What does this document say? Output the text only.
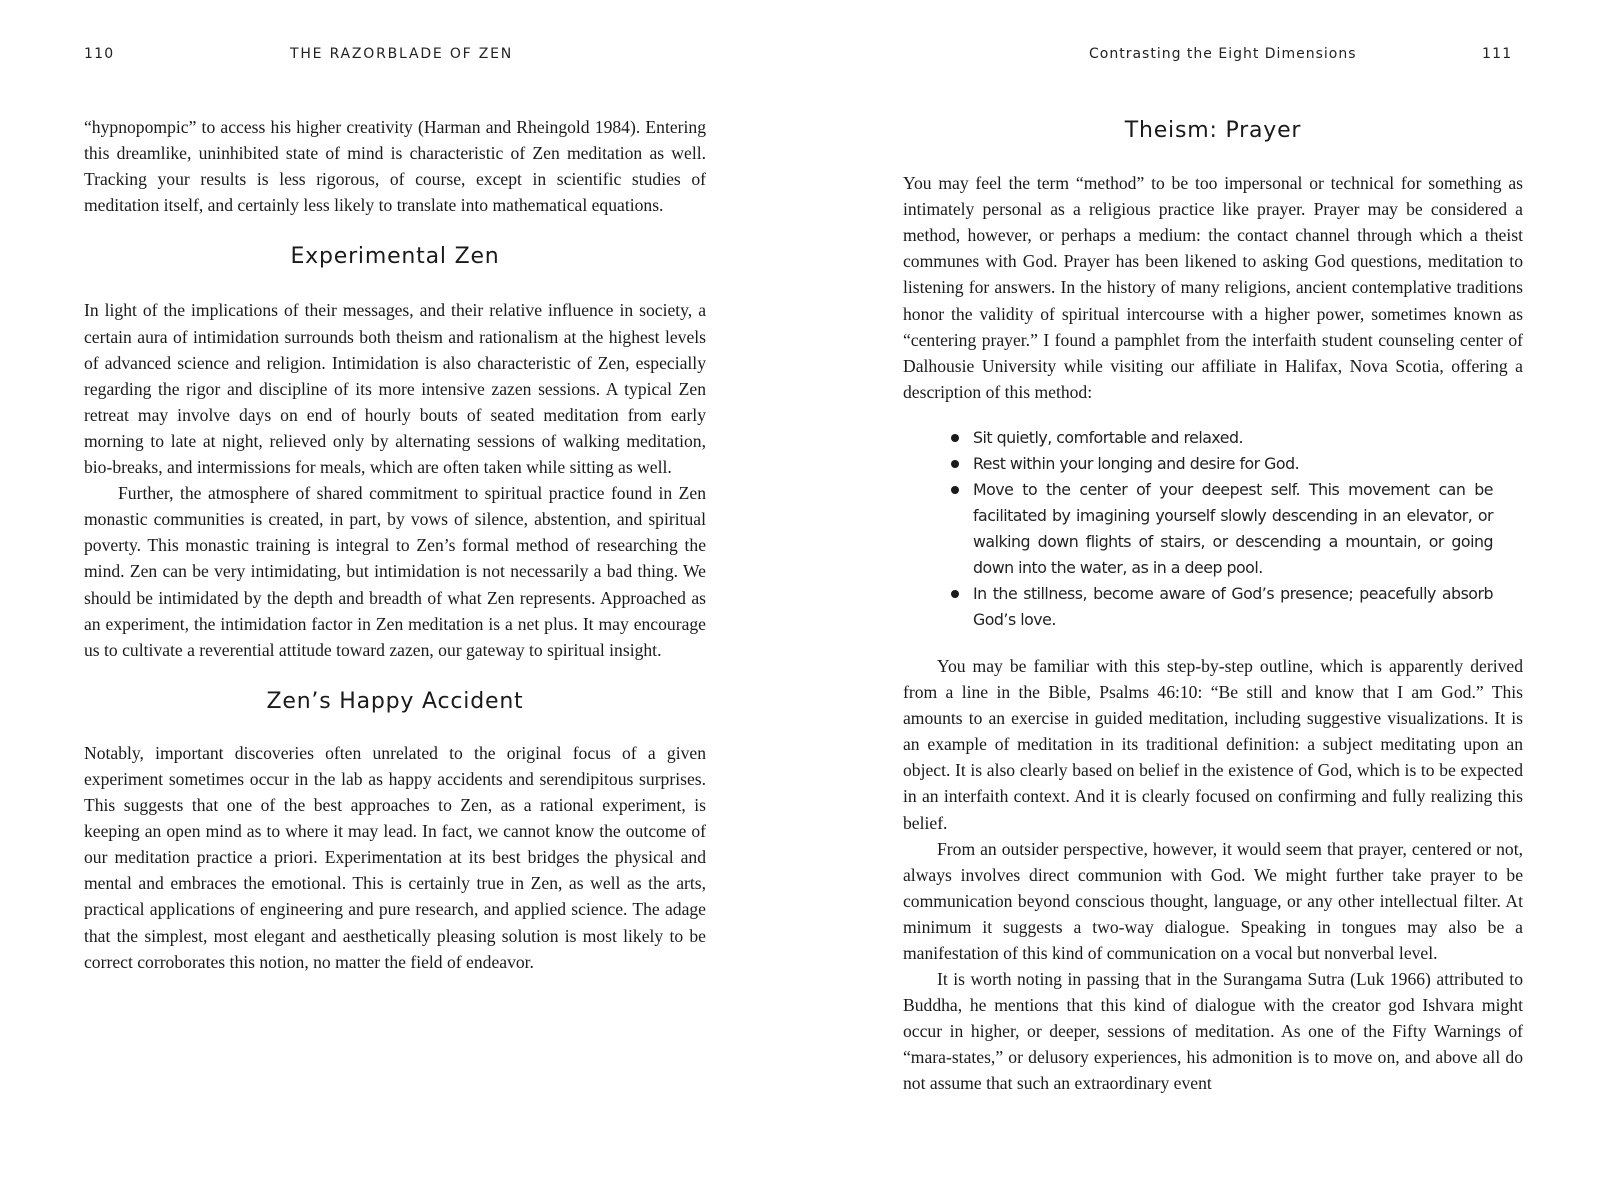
110	THE RAZORBLADE OF ZEN

“hypnopompic” to access his higher creativity (Harman and Rheingold 1984). Entering this dreamlike, uninhibited state of mind is characteristic of Zen meditation as well. Tracking your results is less rigorous, of course, except in scientific studies of meditation itself, and certainly less likely to translate into mathematical equations.

Experimental Zen

In light of the implications of their messages, and their relative influence in society, a certain aura of intimidation surrounds both theism and rationalism at the highest levels of advanced science and religion. Intimidation is also characteristic of Zen, especially regarding the rigor and discipline of its more intensive zazen sessions. A typical Zen retreat may involve days on end of hourly bouts of seated meditation from early morning to late at night, relieved only by alternating sessions of walking meditation, bio-breaks, and intermissions for meals, which are often taken while sitting as well.

Further, the atmosphere of shared commitment to spiritual practice found in Zen monastic communities is created, in part, by vows of silence, abstention, and spiritual poverty. This monastic training is integral to Zen’s formal method of researching the mind. Zen can be very intimidating, but intimidation is not necessarily a bad thing. We should be intimidated by the depth and breadth of what Zen represents. Approached as an experiment, the intimidation factor in Zen meditation is a net plus. It may encourage us to cultivate a reverential attitude toward zazen, our gateway to spiritual insight.

Zen’s Happy Accident

Notably, important discoveries often unrelated to the original focus of a given experiment sometimes occur in the lab as happy accidents and serendipitous surprises. This suggests that one of the best approaches to Zen, as a rational experiment, is keeping an open mind as to where it may lead. In fact, we cannot know the outcome of our meditation practice a priori. Experimentation at its best bridges the physical and mental and embraces the emotional. This is certainly true in Zen, as well as the arts, practical applications of engineering and pure research, and applied science. The adage that the simplest, most elegant and aesthetically pleasing solution is most likely to be correct corroborates this notion, no matter the field of endeavor.

Contrasting the Eight Dimensions	111
Theism: Prayer

You may feel the term “method” to be too impersonal or technical for something as intimately personal as a religious practice like prayer. Prayer may be considered a method, however, or perhaps a medium: the contact channel through which a theist communes with God. Prayer has been likened to asking God questions, meditation to listening for answers. In the history of many religions, ancient contemplative traditions honor the validity of spiritual intercourse with a higher power, sometimes known as “centering prayer.” I found a pamphlet from the interfaith student counseling center of Dalhousie University while visiting our affiliate in Halifax, Nova Scotia, offering a description of this method:

Sit quietly, comfortable and relaxed.
Rest within your longing and desire for God.
Move to the center of your deepest self. This movement can be facilitated by imagining yourself slowly descending in an elevator, or walking down flights of stairs, or descending a mountain, or going down into the water, as in a deep pool.
In the stillness, become aware of God’s presence; peacefully absorb God’s love.

You may be familiar with this step-by-step outline, which is apparently derived from a line in the Bible, Psalms 46:10: “Be still and know that I am God.” This amounts to an exercise in guided meditation, including suggestive visualizations. It is an example of meditation in its traditional definition: a subject meditating upon an object. It is also clearly based on belief in the existence of God, which is to be expected in an interfaith context. And it is clearly focused on confirming and fully realizing this belief.

From an outsider perspective, however, it would seem that prayer, centered or not, always involves direct communion with God. We might further take prayer to be communication beyond conscious thought, language, or any other intellectual filter. At minimum it suggests a two-way dialogue. Speaking in tongues may also be a manifestation of this kind of communication on a vocal but nonverbal level.

It is worth noting in passing that in the Surangama Sutra (Luk 1966) attributed to Buddha, he mentions that this kind of dialogue with the creator god Ishvara might occur in higher, or deeper, sessions of meditation. As one of the Fifty Warnings of “mara-states,” or delusory experiences, his admonition is to move on, and above all do not assume that such an extraordinary event
